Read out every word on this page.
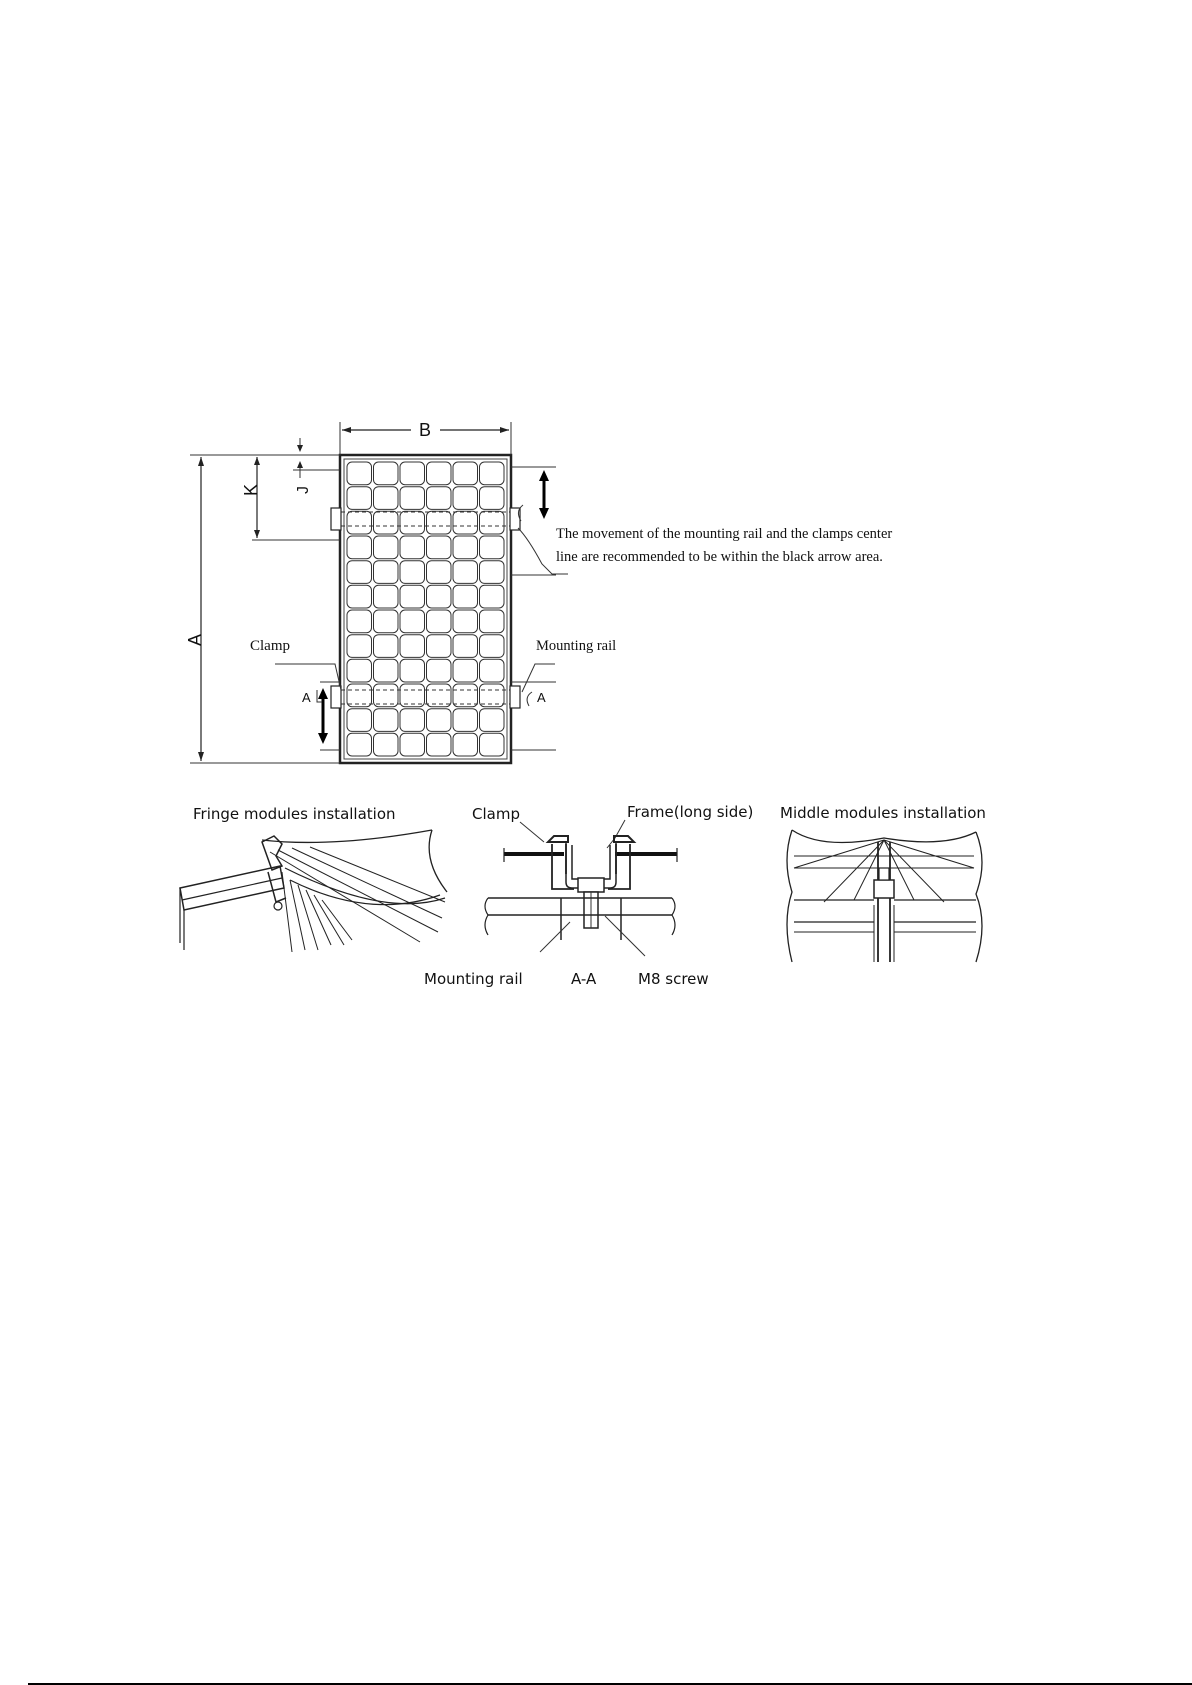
A
B
K J
The movement of the mounting rail and the clamps center
line are recommended to be within the black arrow area.
Clamp	Mounting rail
A	A
Fringe modules installation	Clamp	Frame(long side)
Mounting rail	A-A	M8 screw
Middle modules installation
